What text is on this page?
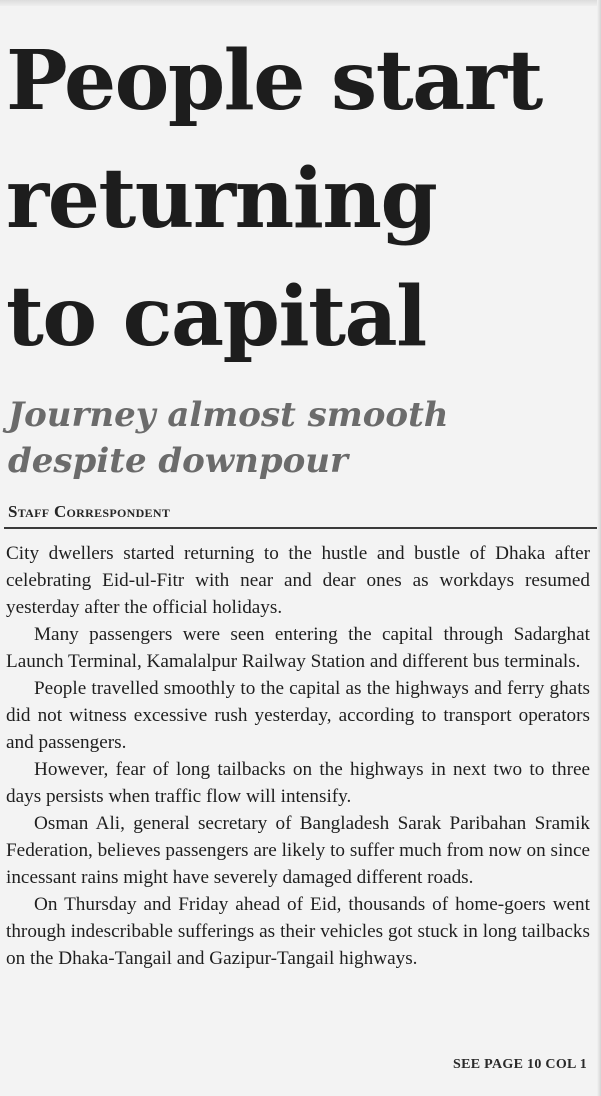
People start
returning
to capital
Journey almost smooth
despite downpour
Staff Correspondent

City dwellers started returning to the hustle and bustle of Dhaka after celebrating Eid-ul-Fitr with near and dear ones as workdays resumed yesterday after the official holidays.

Many passengers were seen entering the capital through Sadarghat Launch Terminal, Kamalalpur Railway Station and different bus terminals.

People travelled smoothly to the capital as the highways and ferry ghats did not witness excessive rush yesterday, according to transport operators and passengers.

However, fear of long tailbacks on the highways in next two to three days persists when traffic flow will intensify.

Osman Ali, general secretary of Bangladesh Sarak Paribahan Sramik Federation, believes passengers are likely to suffer much from now on since incessant rains might have severely damaged different roads.

On Thursday and Friday ahead of Eid, thousands of home-goers went through indescribable sufferings as their vehicles got stuck in long tailbacks on the Dhaka-Tangail and Gazipur-Tangail highways.

SEE PAGE 10 COL 1
